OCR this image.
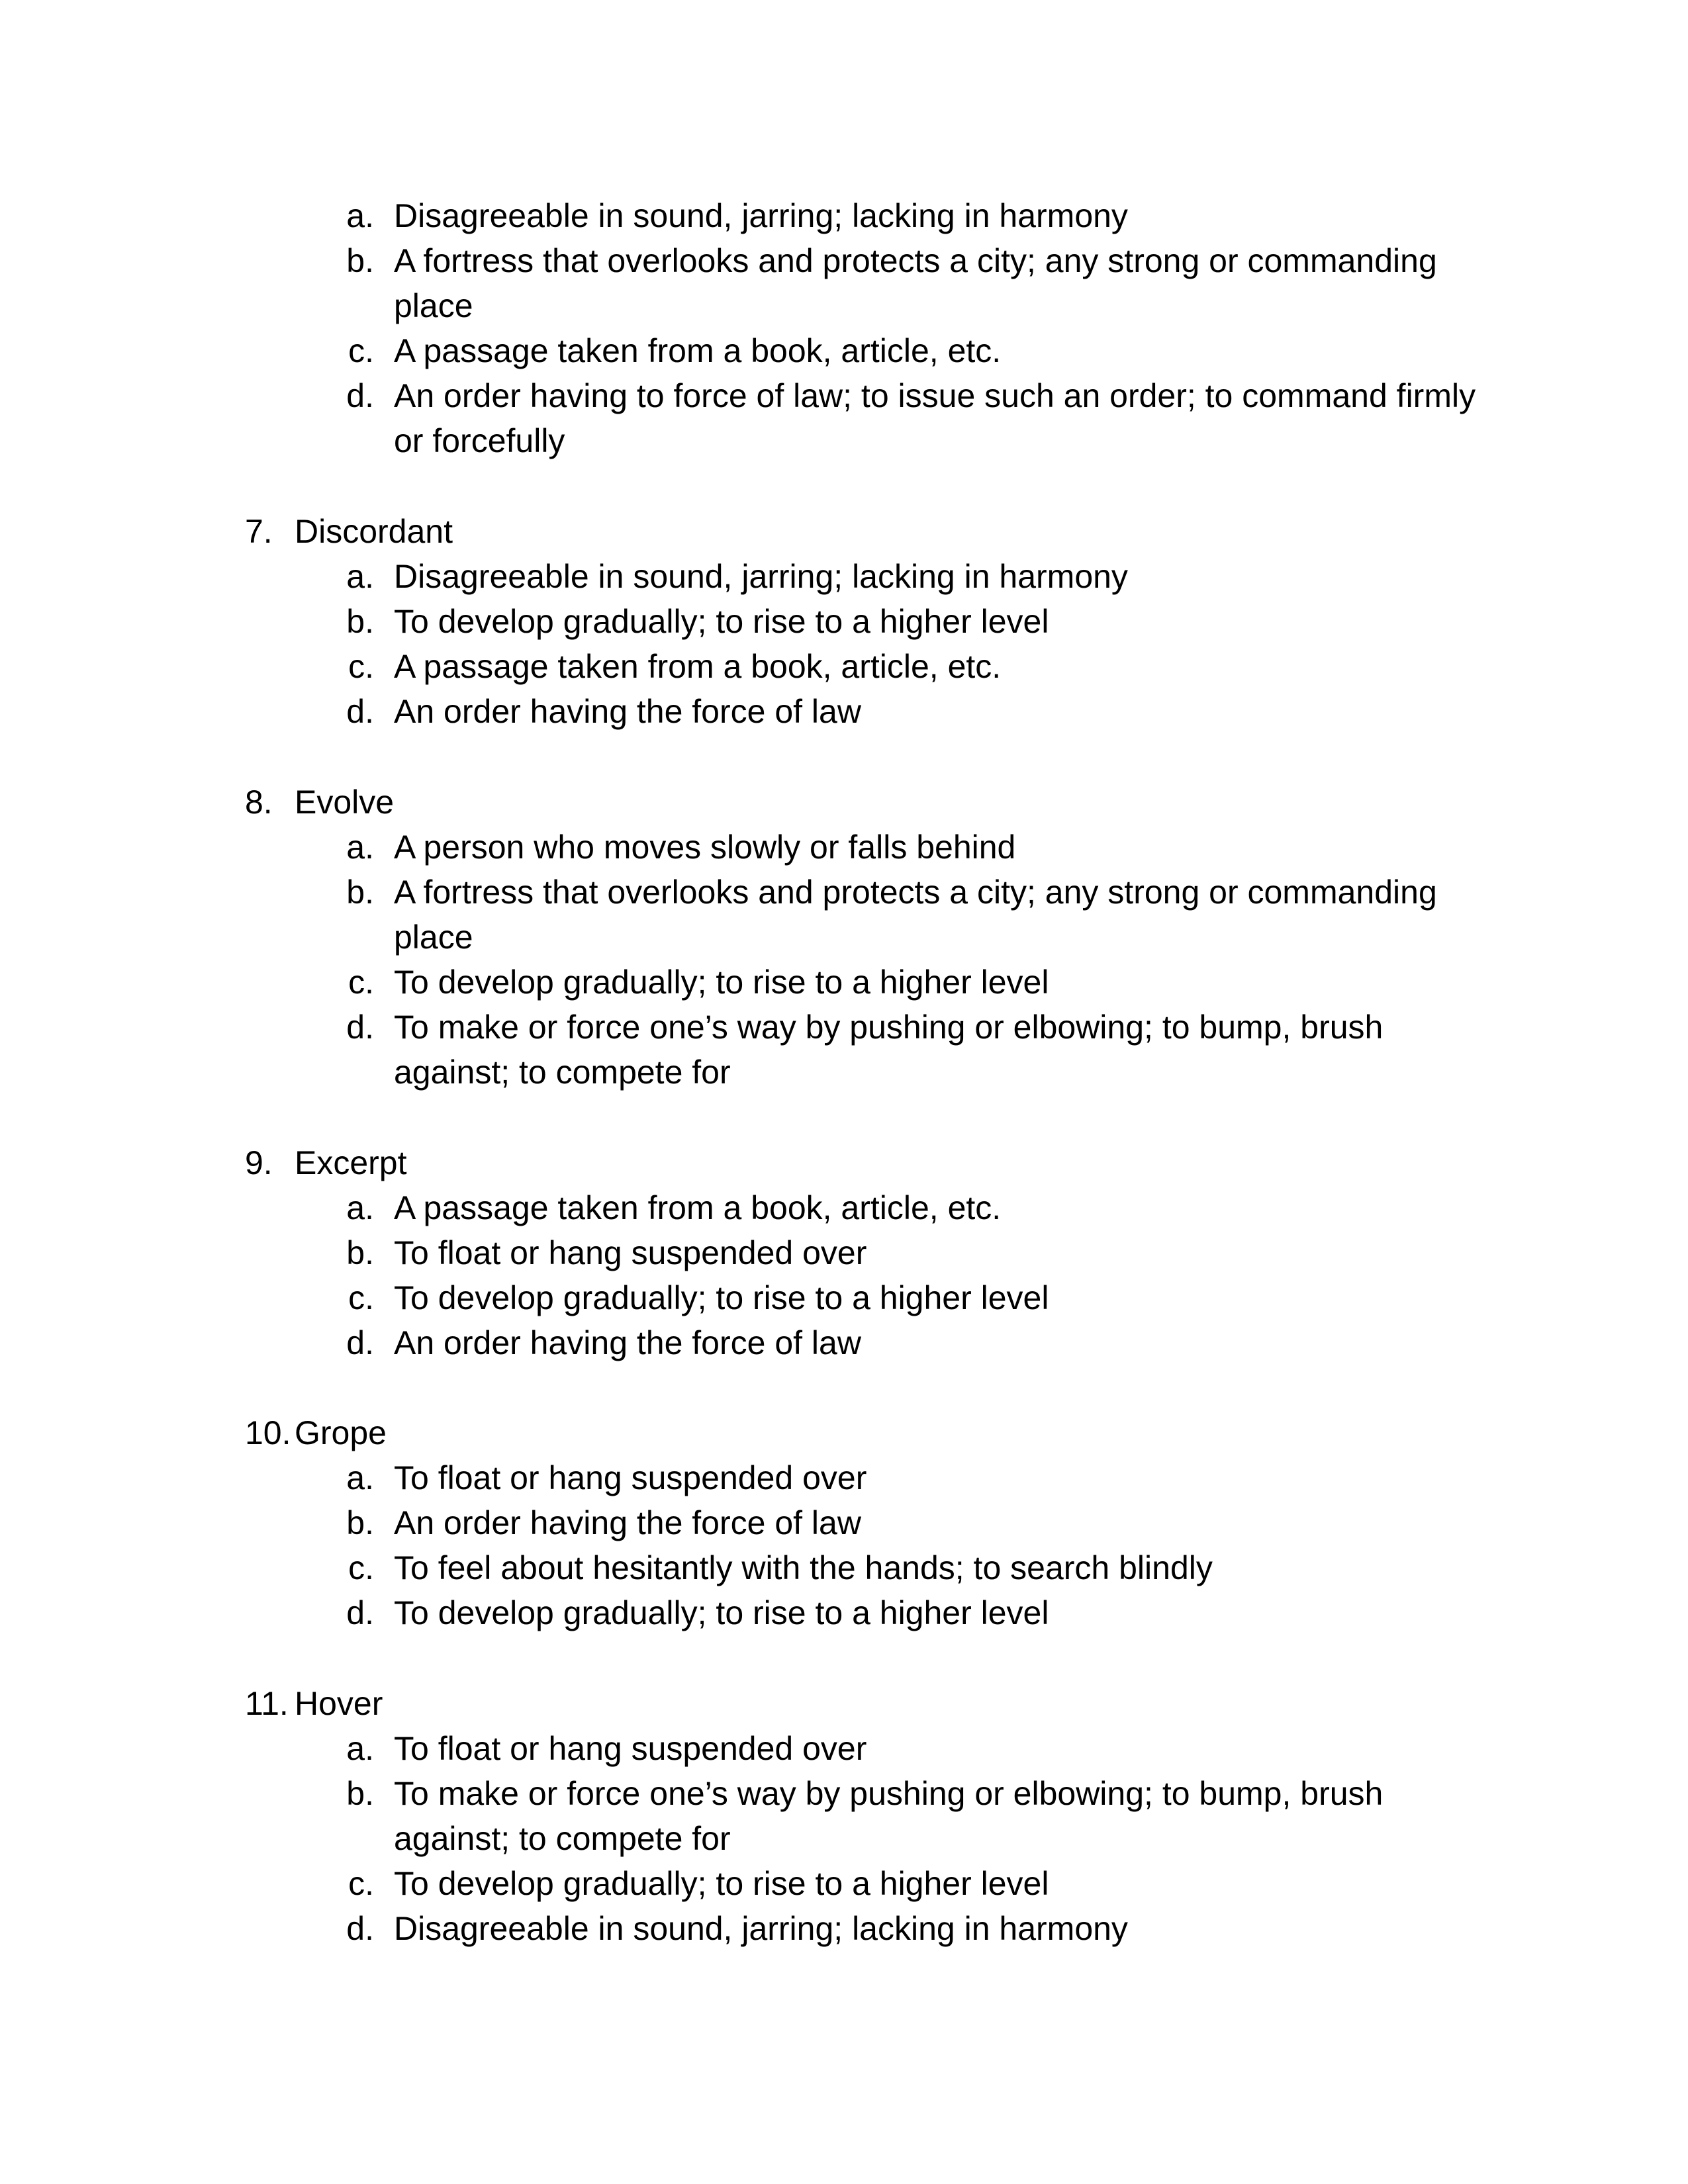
a. Disagreeable in sound, jarring; lacking in harmony
b. A fortress that overlooks and protects a city; any strong or commanding
place
c. A passage taken from a book, article, etc.
d. An order having to force of law; to issue such an order; to command firmly
or forcefully
7. Discordant
a. Disagreeable in sound, jarring; lacking in harmony
b. To develop gradually; to rise to a higher level
c. A passage taken from a book, article, etc.
d. An order having the force of law
8. Evolve
a. A person who moves slowly or falls behind
b. A fortress that overlooks and protects a city; any strong or commanding
place
c. To develop gradually; to rise to a higher level
d. To make or force one’s way by pushing or elbowing; to bump, brush
against; to compete for
9. Excerpt
a. A passage taken from a book, article, etc.
b. To float or hang suspended over
c. To develop gradually; to rise to a higher level
d. An order having the force of law
10. Grope
a. To float or hang suspended over
b. An order having the force of law
c. To feel about hesitantly with the hands; to search blindly
d. To develop gradually; to rise to a higher level
11. Hover
a. To float or hang suspended over
b. To make or force one’s way by pushing or elbowing; to bump, brush
against; to compete for
c. To develop gradually; to rise to a higher level
d. Disagreeable in sound, jarring; lacking in harmony
